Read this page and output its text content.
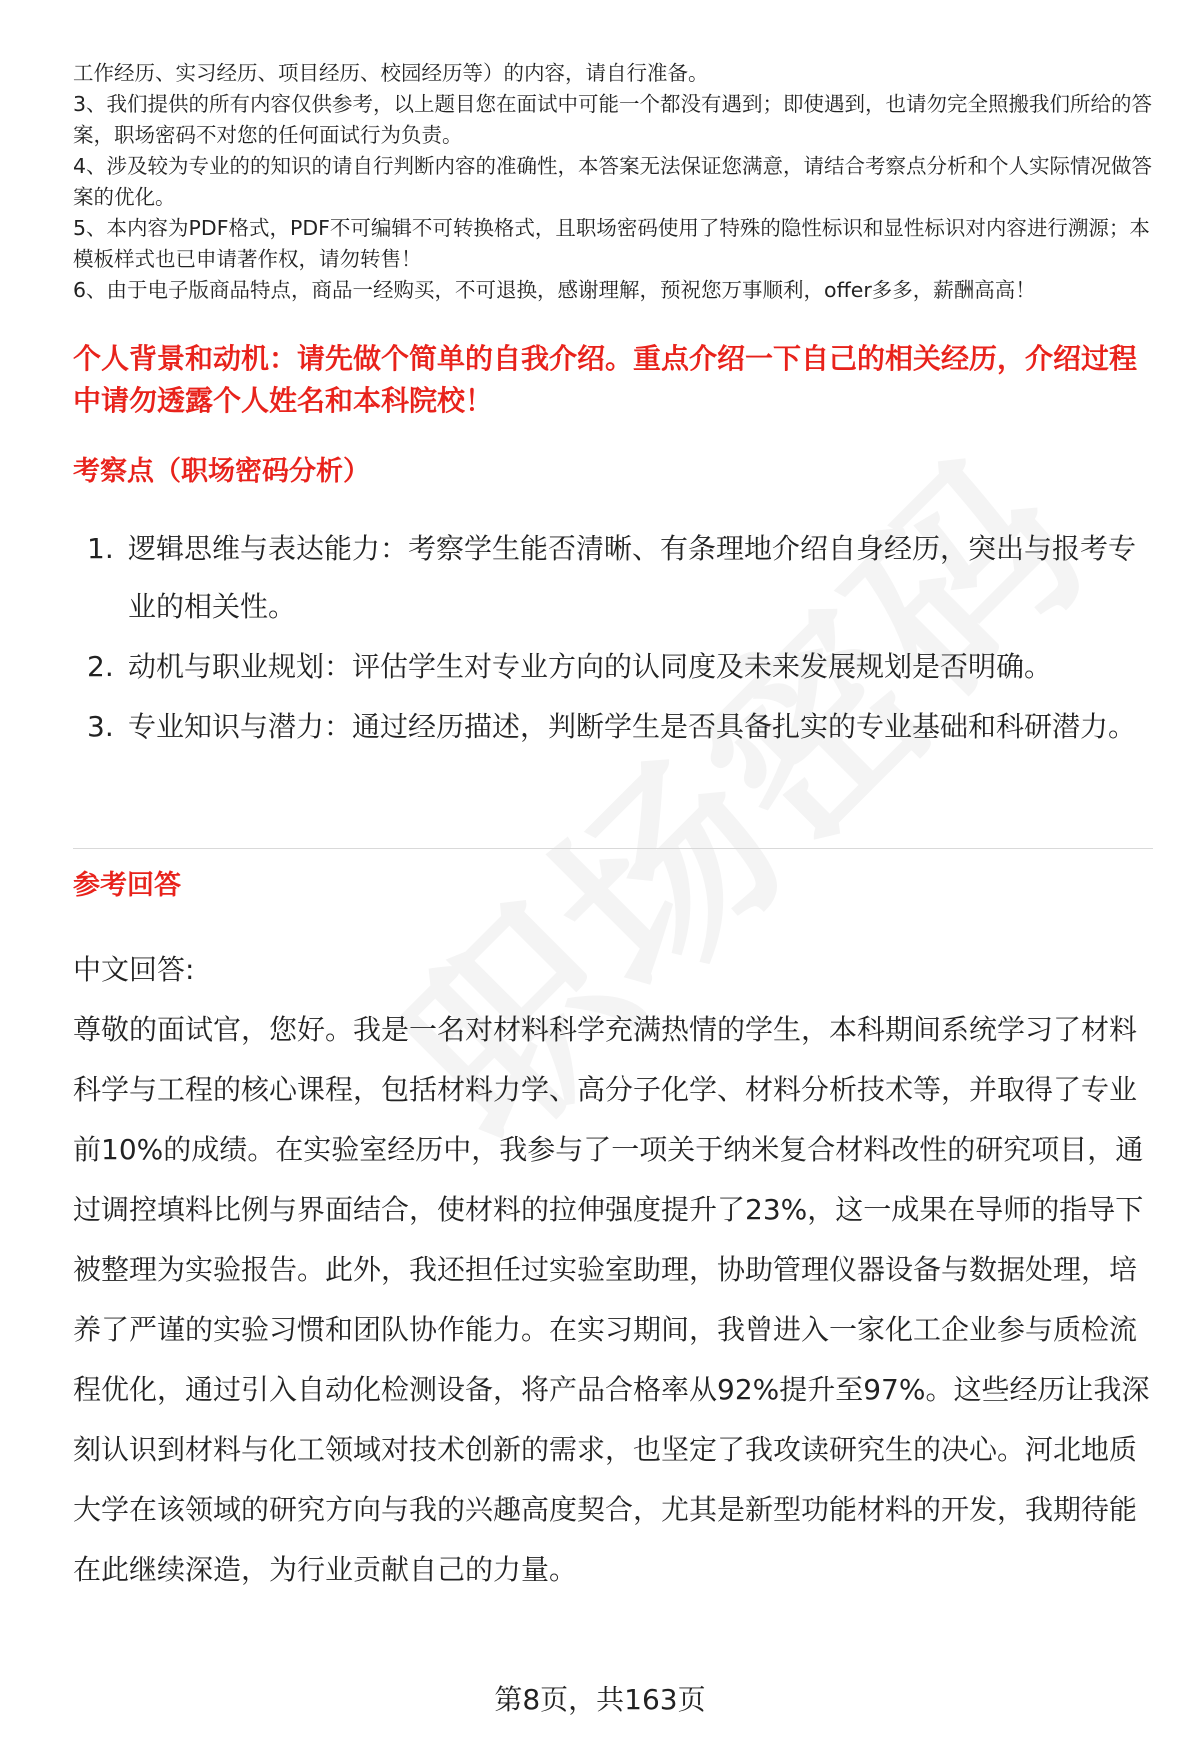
工作经历、实习经历、项目经历、校园经历等）的内容，请自行准备。

3、我们提供的所有内容仅供参考，以上题目您在面试中可能一个都没有遇到；即使遇到，也请勿完全照搬我们所给的答案，职场密码不对您的任何面试行为负责。

4、涉及较为专业的的知识的请自行判断内容的准确性，本答案无法保证您满意，请结合考察点分析和个人实际情况做答案的优化。

5、本内容为PDF格式，PDF不可编辑不可转换格式，且职场密码使用了特殊的隐性标识和显性标识对内容进行溯源；本模板样式也已申请著作权，请勿转售！

6、由于电子版商品特点，商品一经购买，不可退换，感谢理解，预祝您万事顺利，offer多多，薪酬高高！

个人背景和动机：请先做个简单的自我介绍。重点介绍一下自己的相关经历，介绍过程中请勿透露个人姓名和本科院校！
考察点（职场密码分析）
1. 逻辑思维与表达能力：考察学生能否清晰、有条理地介绍自身经历，突出与报考专业的相关性。
2. 动机与职业规划：评估学生对专业方向的认同度及未来发展规划是否明确。
3. 专业知识与潜力：通过经历描述，判断学生是否具备扎实的专业基础和科研潜力。
参考回答

中文回答:

尊敬的面试官，您好。我是一名对材料科学充满热情的学生，本科期间系统学习了材料科学与工程的核心课程，包括材料力学、高分子化学、材料分析技术等，并取得了专业前10%的成绩。在实验室经历中，我参与了一项关于纳米复合材料改性的研究项目，通过调控填料比例与界面结合，使材料的拉伸强度提升了23%，这一成果在导师的指导下被整理为实验报告。此外，我还担任过实验室助理，协助管理仪器设备与数据处理，培养了严谨的实验习惯和团队协作能力。在实习期间，我曾进入一家化工企业参与质检流程优化，通过引入自动化检测设备，将产品合格率从92%提升至97%。这些经历让我深刻认识到材料与化工领域对技术创新的需求，也坚定了我攻读研究生的决心。河北地质大学在该领域的研究方向与我的兴趣高度契合，尤其是新型功能材料的开发，我期待能在此继续深造，为行业贡献自己的力量。

第8页，共163页
